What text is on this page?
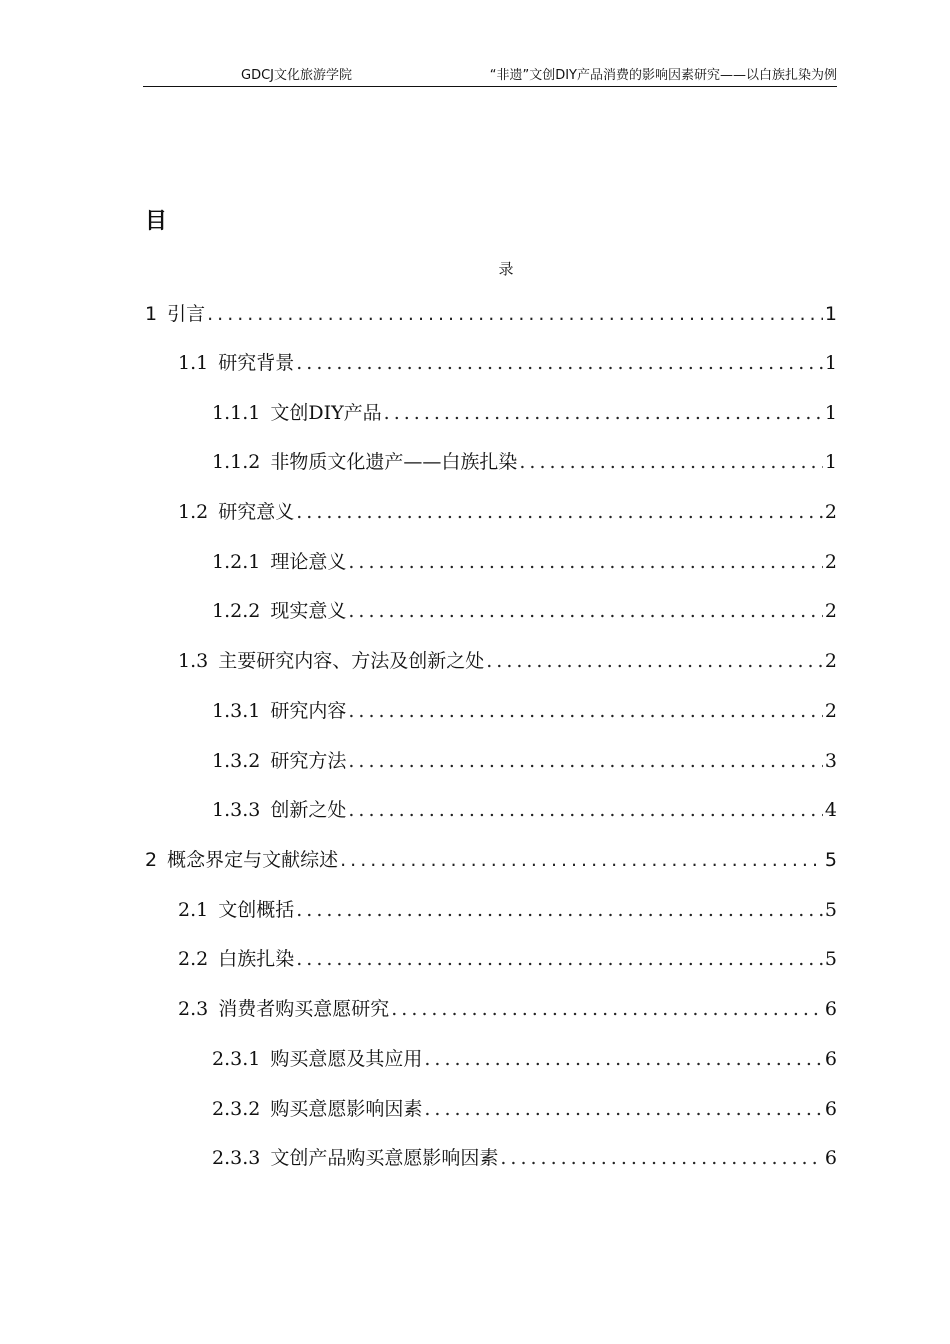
GDCJ文化旅游学院	“非遗”文创DIY产品消费的影响因素研究——以白族扎染为例
目
录
1 引言 .....	1
1.1 研究背景 .....	1
1.1.1 文创DIY产品 .....	1
1.1.2 非物质文化遗产——白族扎染 .....	1
1.2 研究意义 .....	2
1.2.1 理论意义 .....	2
1.2.2 现实意义 .....	2
1.3 主要研究内容、方法及创新之处 .....	2
1.3.1 研究内容 .....	2
1.3.2 研究方法 .....	3
1.3.3 创新之处 .....	4
2 概念界定与文献综述 .....	5
2.1 文创概括 .....	5
2.2 白族扎染 .....	5
2.3 消费者购买意愿研究 .....	6
2.3.1 购买意愿及其应用 .....	6
2.3.2 购买意愿影响因素 .....	6
2.3.3 文创产品购买意愿影响因素 .....	6
